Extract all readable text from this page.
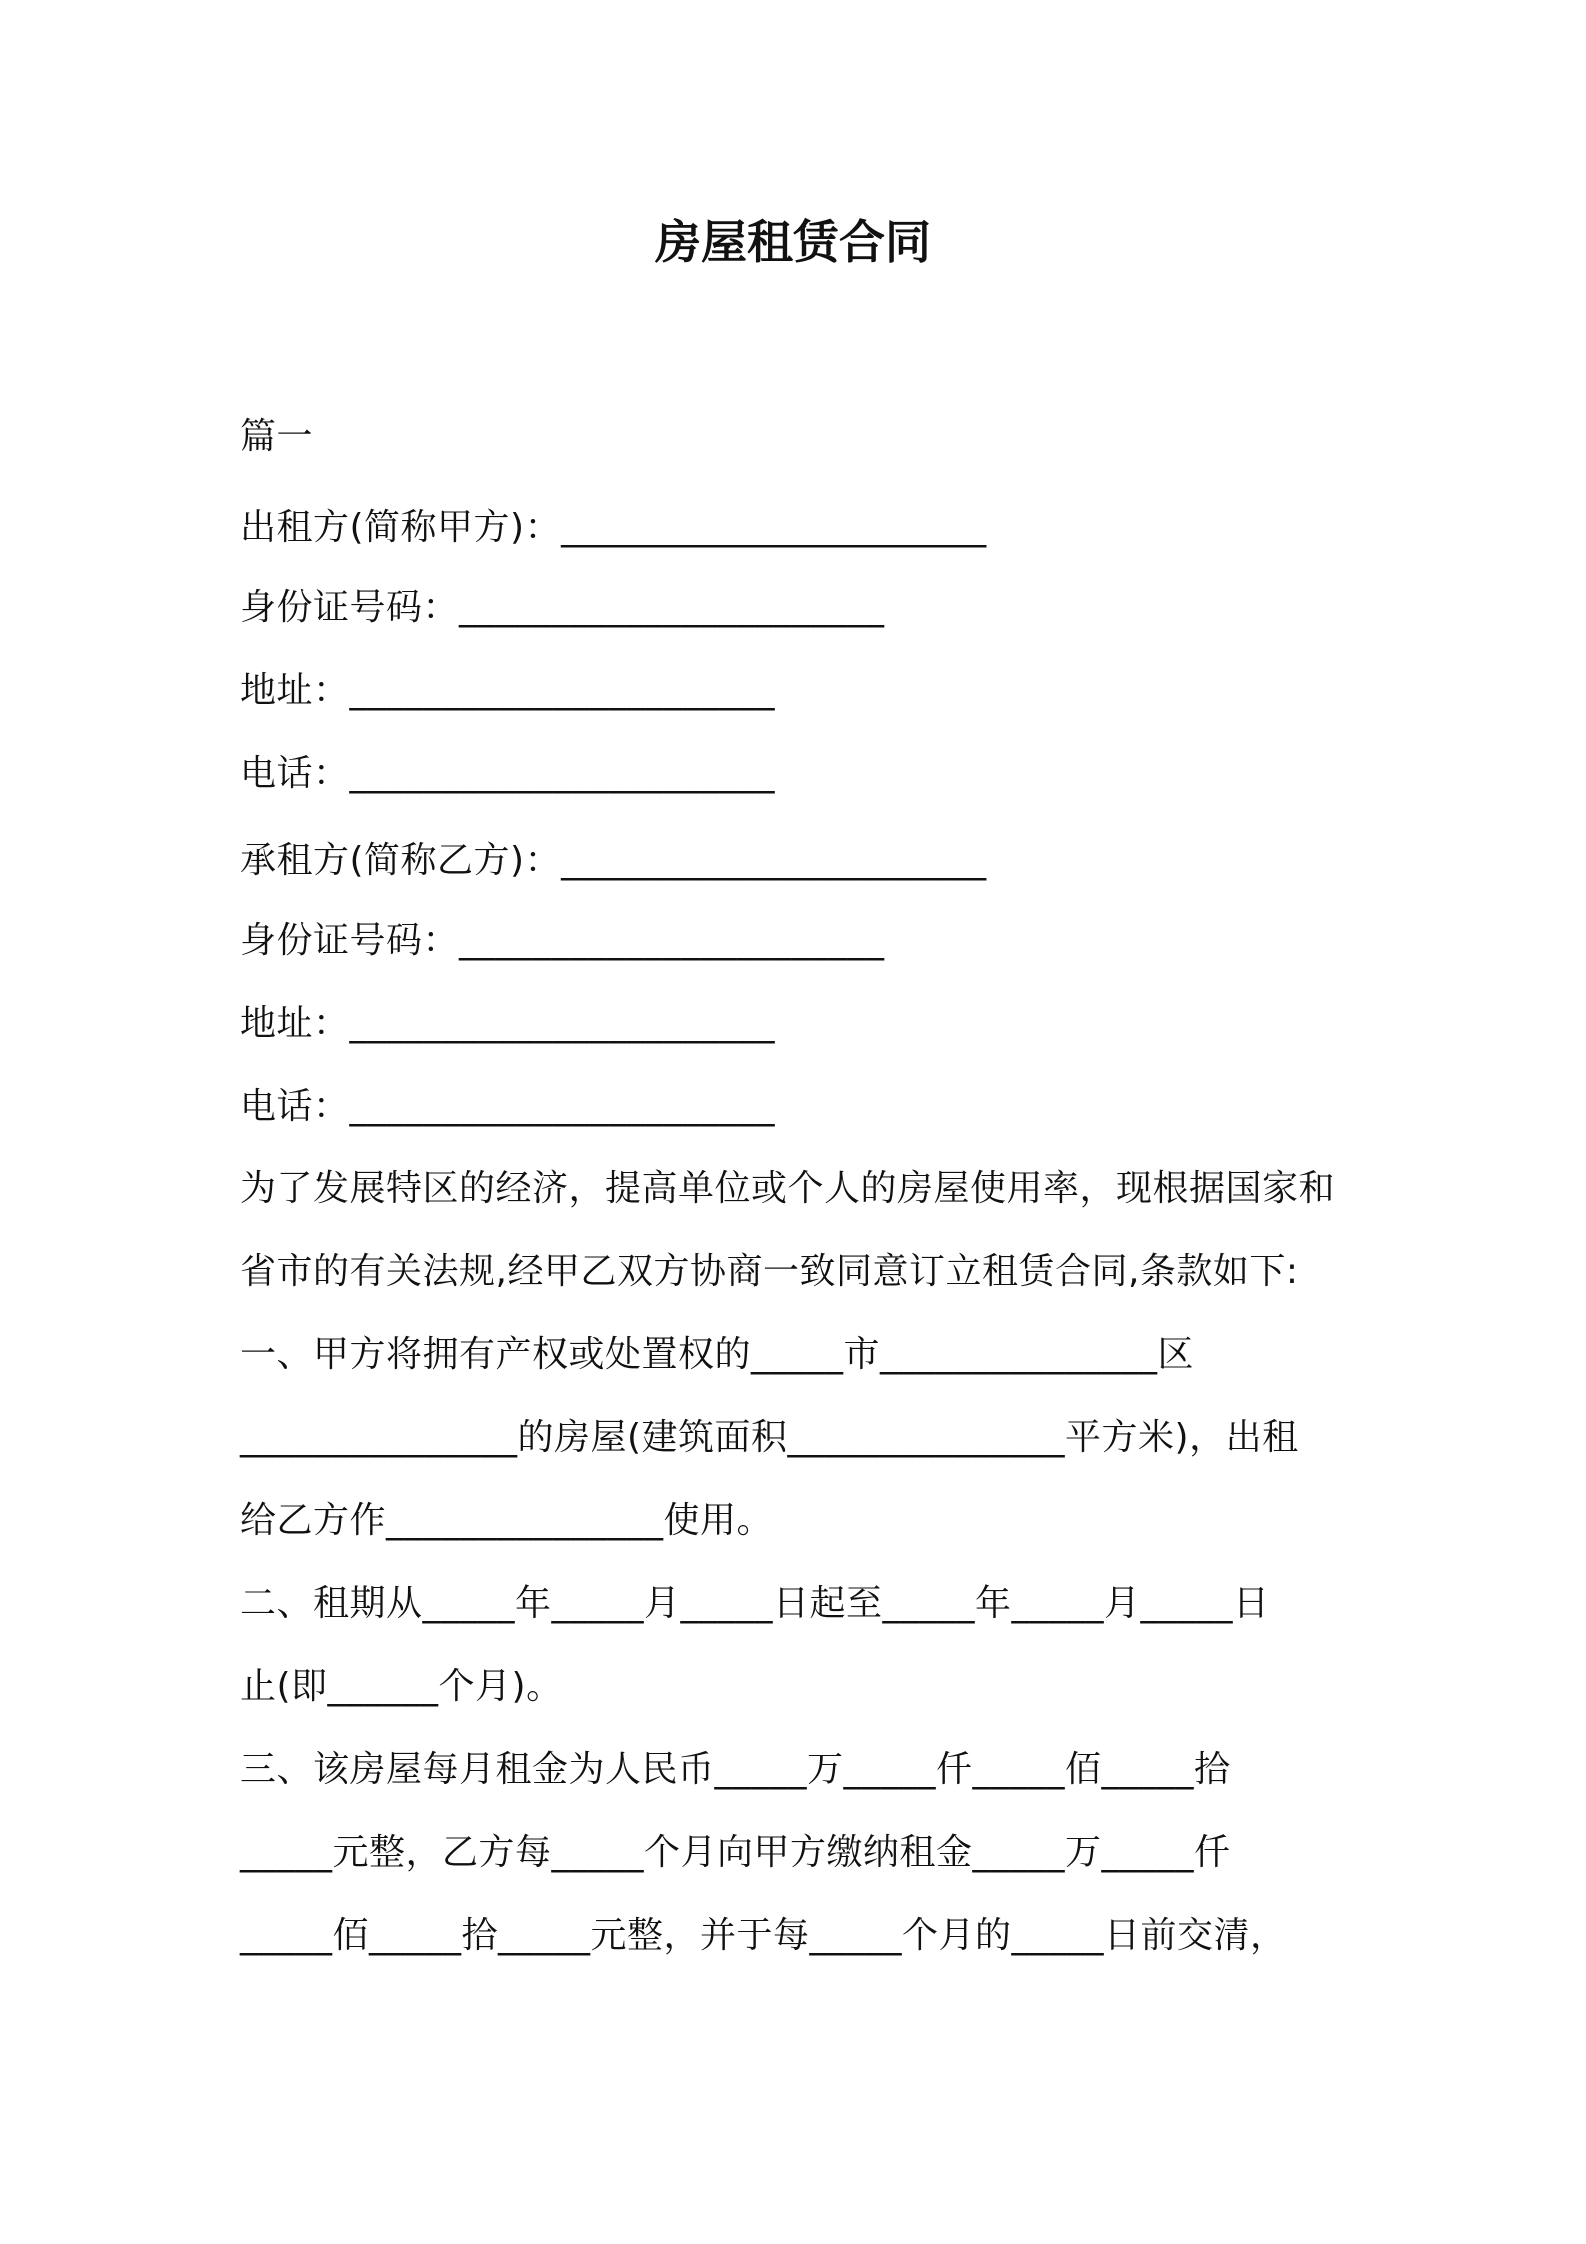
房屋租赁合同
篇一
出租方(简称甲方)：_______________________
身份证号码：_______________________
地址：_______________________
电话：_______________________
承租方(简称乙方)：_______________________
身份证号码：_______________________
地址：_______________________
电话：_______________________
为了发展特区的经济，提高单位或个人的房屋使用率，现根据国家和
省市的有关法规,经甲乙双方协商一致同意订立租赁合同,条款如下:
一、甲方将拥有产权或处置权的_____市_______________区
_______________的房屋(建筑面积_______________平方米)，出租
给乙方作_______________使用。
二、租期从_____年_____月_____日起至_____年_____月_____日
止(即______个月)。
三、该房屋每月租金为人民币_____万_____仟_____佰_____拾
_____元整，乙方每_____个月向甲方缴纳租金_____万_____仟
_____佰_____拾_____元整，并于每_____个月的_____日前交清，
